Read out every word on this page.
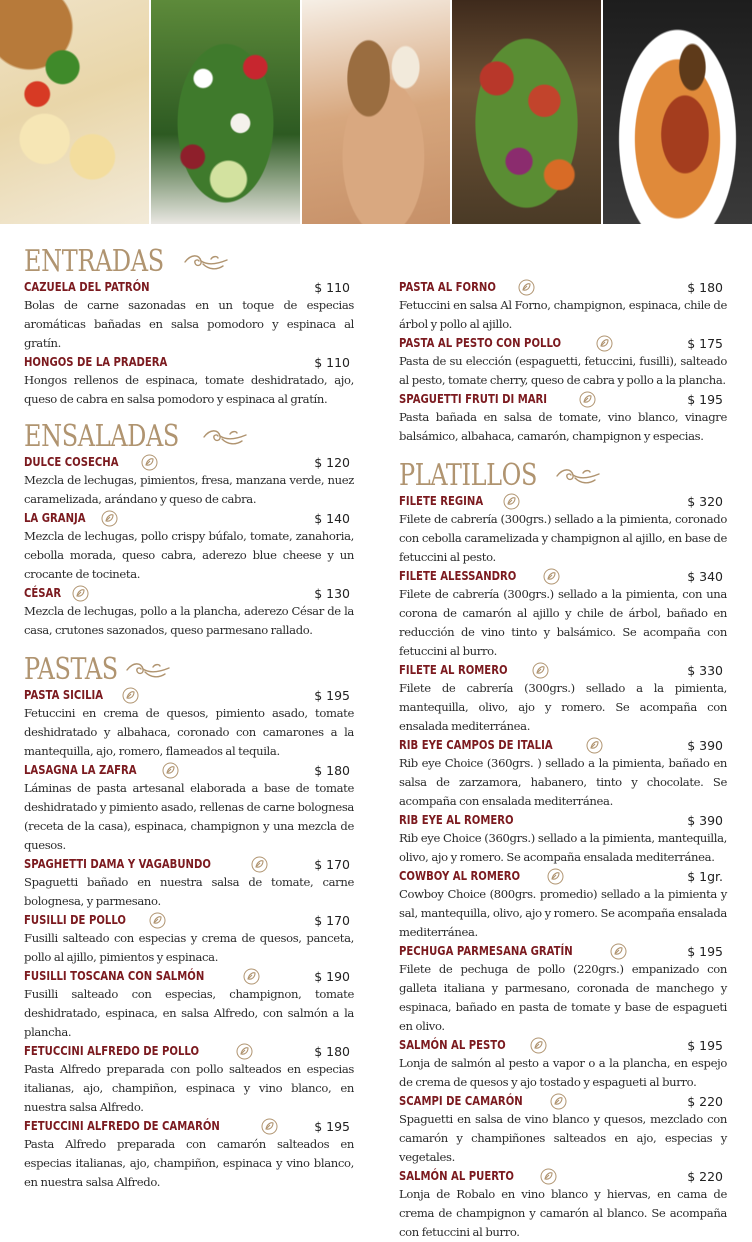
ENTRADAS
CAZUELA DEL PATRÓN	$ 110

Bolas de carne sazonadas en un toque de especias aromáticas bañadas en salsa pomodoro y espinaca al gratín.

HONGOS DE LA PRADERA	$ 110

Hongos rellenos de espinaca, tomate deshidratado, ajo, queso de cabra en salsa pomodoro y espinaca al gratín.

ENSALADAS
DULCE COSECHA	$ 120

Mezcla de lechugas, pimientos, fresa, manzana verde, nuez caramelizada, arándano y queso de cabra.

LA GRANJA	$ 140

Mezcla de lechugas, pollo crispy búfalo, tomate, zanahoria, cebolla morada, queso cabra, aderezo blue cheese y un crocante de tocineta.

CÉSAR	$ 130

Mezcla de lechugas, pollo a la plancha, aderezo César de la casa, crutones sazonados, queso parmesano rallado.

PASTAS
PASTA SICILIA	$ 195

Fetuccini en crema de quesos, pimiento asado, tomate deshidratado y albahaca, coronado con camarones a la mantequilla, ajo, romero, flameados al tequila.

LASAGNA LA ZAFRA	$ 180

Láminas de pasta artesanal elaborada a base de tomate deshidratado y pimiento asado, rellenas de carne bolognesa (receta de la casa), espinaca, champignon y una mezcla de quesos.

SPAGHETTI DAMA Y VAGABUNDO	$ 170

Spaguetti bañado en nuestra salsa de tomate, carne bolognesa, y parmesano.

FUSILLI DE POLLO	$ 170

Fusilli salteado con especias y crema de quesos, panceta, pollo al ajillo, pimientos y espinaca.

FUSILLI TOSCANA CON SALMÓN	$ 190

Fusilli salteado con especias, champignon, tomate deshidratado, espinaca, en salsa Alfredo, con salmón a la plancha.

FETUCCINI ALFREDO DE POLLO	$ 180

Pasta Alfredo preparada con pollo salteados en especias italianas, ajo, champiñon, espinaca y vino blanco, en nuestra salsa Alfredo.

FETUCCINI ALFREDO DE CAMARÓN	$ 195

Pasta Alfredo preparada con camarón salteados en especias italianas, ajo, champiñon, espinaca y vino blanco, en nuestra salsa Alfredo.

PASTA AL FORNO	$ 180

Fetuccini en salsa Al Forno, champignon, espinaca, chile de árbol y pollo al ajillo.

PASTA AL PESTO CON POLLO	$ 175

Pasta de su elección (espaguetti, fetuccini, fusilli), salteado al pesto, tomate cherry, queso de cabra y pollo a la plancha.

SPAGUETTI FRUTI DI MARI	$ 195

Pasta bañada en salsa de tomate, vino blanco, vinagre balsámico, albahaca, camarón, champignon y especias.

PLATILLOS
FILETE REGINA	$ 320

Filete de cabrería (300grs.) sellado a la pimienta, coronado con cebolla caramelizada y champignon al ajillo, en base de fetuccini al pesto.

FILETE ALESSANDRO	$ 340

Filete de cabrería (300grs.) sellado a la pimienta, con una corona de camarón al ajillo y chile de árbol, bañado en reducción de vino tinto y balsámico. Se acompaña con fetuccini al burro.

FILETE AL ROMERO	$ 330

Filete de cabrería (300grs.) sellado a la pimienta, mantequilla, olivo, ajo y romero. Se acompaña con ensalada mediterránea.

RIB EYE CAMPOS DE ITALIA	$ 390

Rib eye Choice (360grs. ) sellado a la pimienta, bañado en salsa de zarzamora, habanero, tinto y chocolate. Se acompaña con ensalada mediterránea.

RIB EYE AL ROMERO	$ 390

Rib eye Choice (360grs.) sellado a la pimienta, mantequilla, olivo, ajo y romero. Se acompaña ensalada mediterránea.

COWBOY AL ROMERO	$ 1gr.

Cowboy Choice (800grs. promedio) sellado a la pimienta y sal, mantequilla, olivo, ajo y romero. Se acompaña ensalada mediterránea.

PECHUGA PARMESANA GRATÍN	$ 195

Filete de pechuga de pollo (220grs.) empanizado con galleta italiana y parmesano, coronada de manchego y espinaca, bañado en pasta de tomate y base de espagueti en olivo.

SALMÓN AL PESTO	$ 195

Lonja de salmón al pesto a vapor o a la plancha, en espejo de crema de quesos y ajo tostado y espagueti al burro.

SCAMPI DE CAMARÓN	$ 220

Spaguetti en salsa de vino blanco y quesos, mezclado con camarón y champiñones salteados en ajo, especias y vegetales.

SALMÓN AL PUERTO	$ 220

Lonja de Robalo en vino blanco y hiervas, en cama de crema de champignon y camarón al blanco. Se acompaña con fetuccini al burro.
